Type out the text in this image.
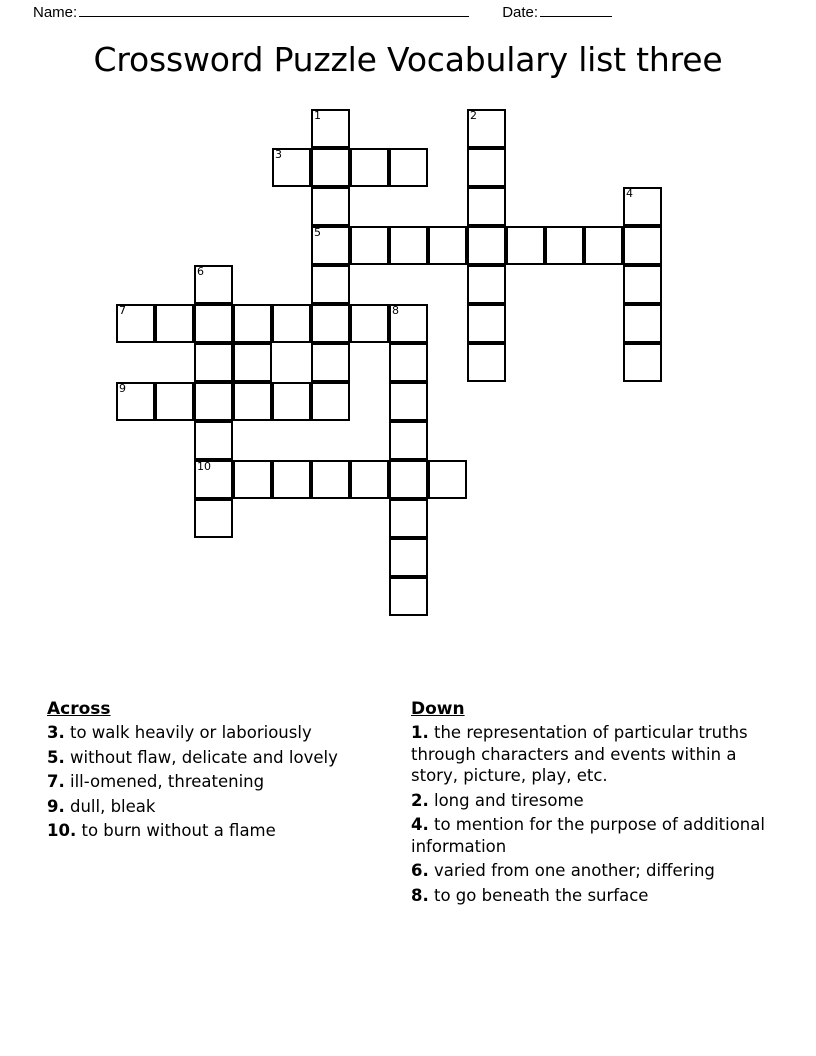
Name:	Date:
Crossword Puzzle Vocabulary list three
1	2
3
4
5
6
7	8
9
10
Across
3. to walk heavily or laboriously
5. without flaw, delicate and lovely
7. ill-omened, threatening
9. dull, bleak
10. to burn without a flame
Down
1. the representation of particular truths through characters and events within a story, picture, play, etc.
2. long and tiresome
4. to mention for the purpose of additional information
6. varied from one another; differing
8. to go beneath the surface
